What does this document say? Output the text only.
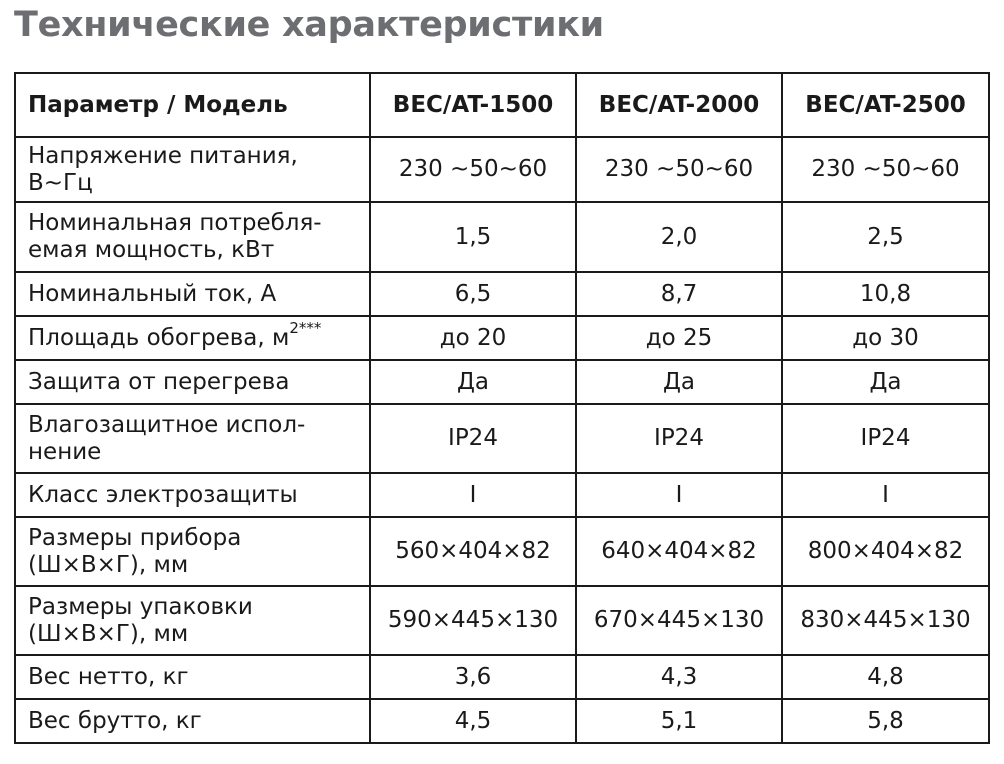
Технические характеристики
Параметр / Модель	BEC/AT-1500	BEC/AT-2000	BEC/AT-2500
Напряжение питания, В~Гц	230 ~50~60	230 ~50~60	230 ~50~60
Номинальная потребля-емая мощность, кВт	1,5	2,0	2,5
Номинальный ток, А	6,5	8,7	10,8
Площадь обогрева, $м^{2***}$	до 20	до 25	до 30
Защита от перегрева	Да	Да	Да
Влагозащитное испол-нение	IP24	IP24	IP24
Класс электрозащиты	I	I	I
Размеры прибора (Ш×В×Г), мм	560×404×82	640×404×82	800×404×82
Размеры упаковки (Ш×В×Г), мм	590×445×130	670×445×130	830×445×130
Вес нетто, кг	3,6	4,3	4,8
Вес брутто, кг	4,5	5,1	5,8
